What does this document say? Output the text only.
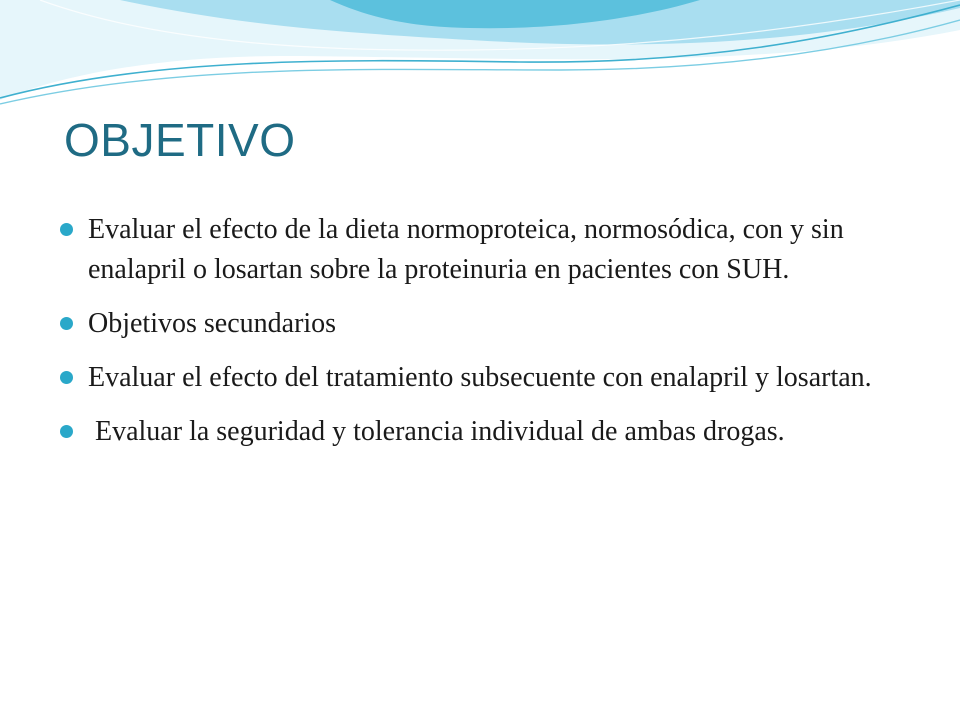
OBJETIVO
Evaluar el efecto de la dieta normoproteica, normosódica, con y sin enalapril o losartan sobre la proteinuria en pacientes con SUH.
Objetivos secundarios
Evaluar el efecto del tratamiento subsecuente con enalapril y losartan.
Evaluar la seguridad y tolerancia individual de ambas drogas.
